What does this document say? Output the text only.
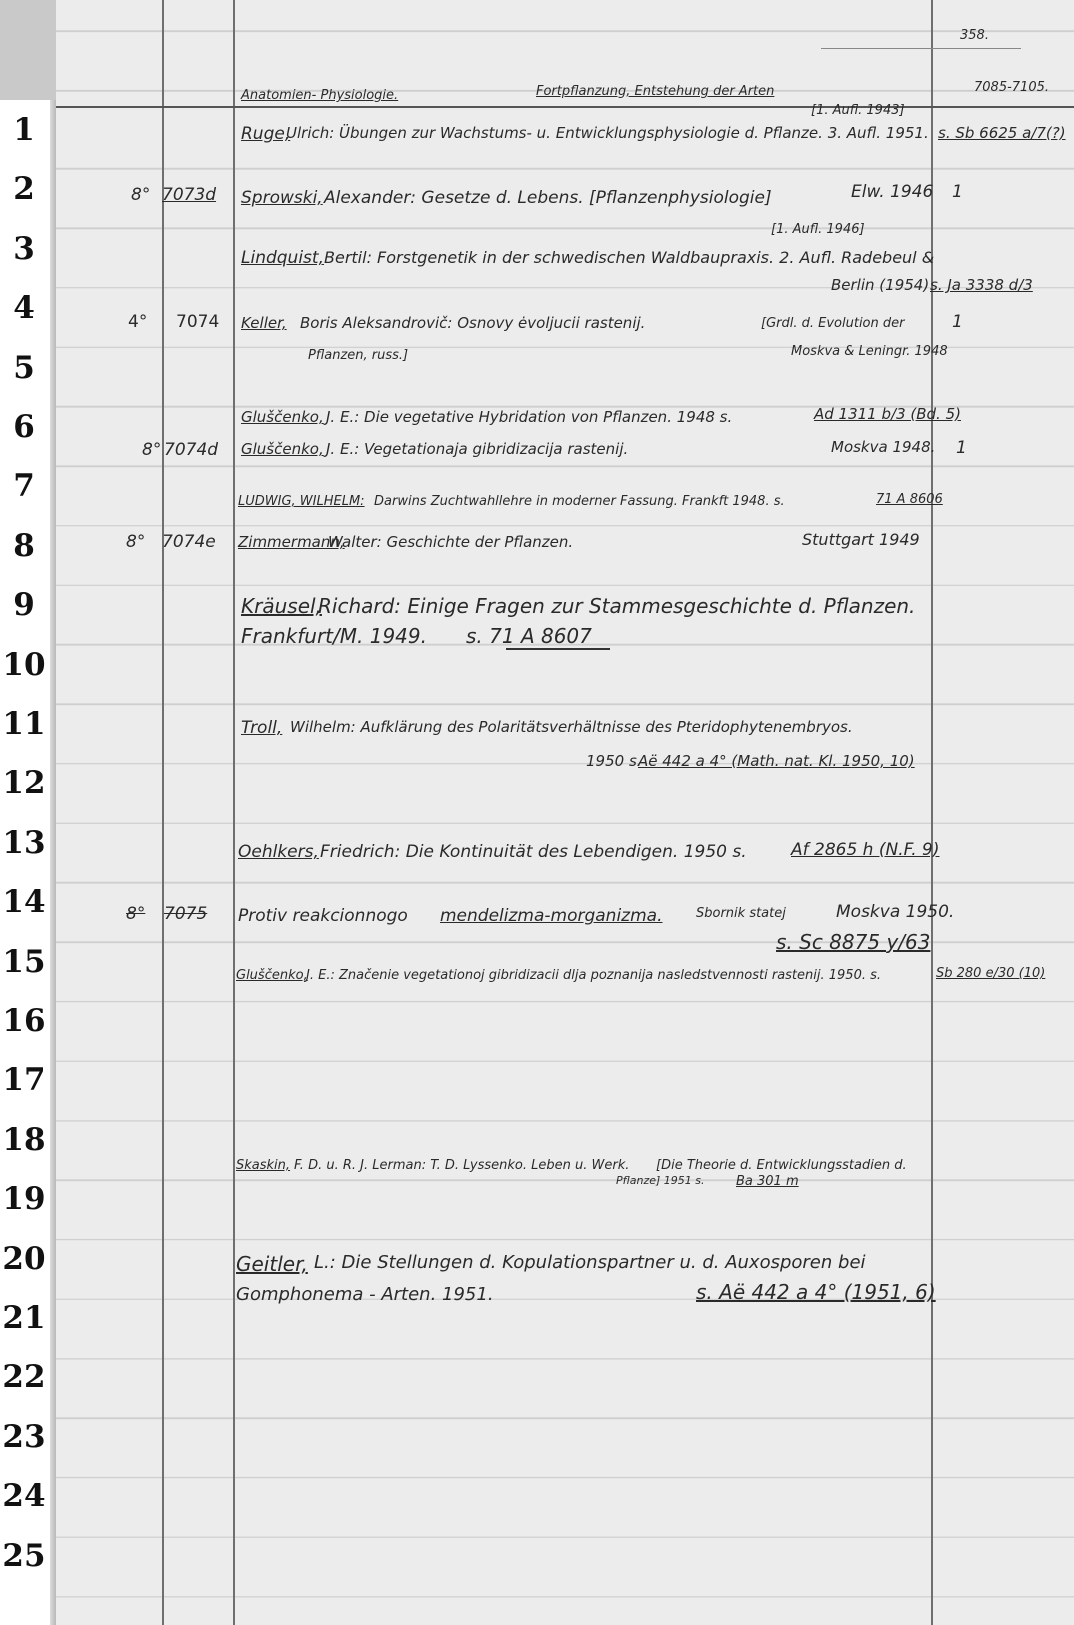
1
2
3
4
5
6
7
8
9
10
11
12
13
14
15
16
17
18
19
20
21
22
23
24
25
358.
Anatomien- Physiologie.	Fortpflanzung, Entstehung der Arten	7085-7105.
[1. Aufl. 1943]
Ruge,
Ulrich: Übungen zur Wachstums- u. Entwicklungsphysiologie d. Pflanze. 3. Aufl. 1951. s. Sb 6625 a/7(?)
8° 7073d Sprowski, Alexander: Gesetze d. Lebens. [Pflanzenphysiologie]	Elw. 1946 1
[1. Aufl. 1946]
Lindquist, Bertil: Forstgenetik in der schwedischen Waldbaupraxis. 2. Aufl. Radebeul &
Berlin (1954) s. Ja 3338 d/3
4° 7074 Keller, Boris Aleksandrovič: Osnovy ėvoljucii rastenij.	[Grdl. d. Evolution der	1
Pflanzen, russ.]	Moskva & Leningr. 1948
Gluščenko, J. E.: Die vegetative Hybridation von Pflanzen. 1948 s.	Ad 1311 b/3 (Bd. 5)
8° 7074d Gluščenko, J. E.: Vegetationaja gibridizacija rastenij.	Moskva 1948. 1
LUDWIG, WILHELM: Darwins Zuchtwahllehre in moderner Fassung. Frankft 1948. s.	71 A 8606
8° 7074e Zimmermann,
Walter: Geschichte der Pflanzen.	Stuttgart 1949
Kräusel,
Richard: Einige Fragen zur Stammesgeschichte d. Pflanzen.
Frankfurt/M. 1949. s. 71 A 8607
Troll, Wilhelm: Aufklärung des Polaritätsverhältnisse des Pteridophytenembryos.
1950 s.
Aë 442 a 4° (Math. nat. Kl. 1950, 10)
Oehlkers, Friedrich: Die Kontinuität des Lebendigen. 1950 s.	Af 2865 h (N.F. 9)
8° 7075 Protiv reakcionnogo mendelizma-morganizma.	Sbornik statej	Moskva 1950.
s. Sc 8875 y/63
Gluščenko,
J. E.: Značenie vegetationoj gibridizacii dlja poznanija nasledstvennosti rastenij. 1950. s.	Sb 280 e/30 (10)
Skaskin, F. D. u. R. J. Lerman: T. D. Lyssenko. Leben u. Werk. [Die Theorie d. Entwicklungsstadien d.
Pflanze] 1951 s. Ba 301 m
Geitler, L.: Die Stellungen d. Kopulationspartner u. d. Auxosporen bei
Gomphonema - Arten. 1951.	s. Aë 442 a 4° (1951, 6)
